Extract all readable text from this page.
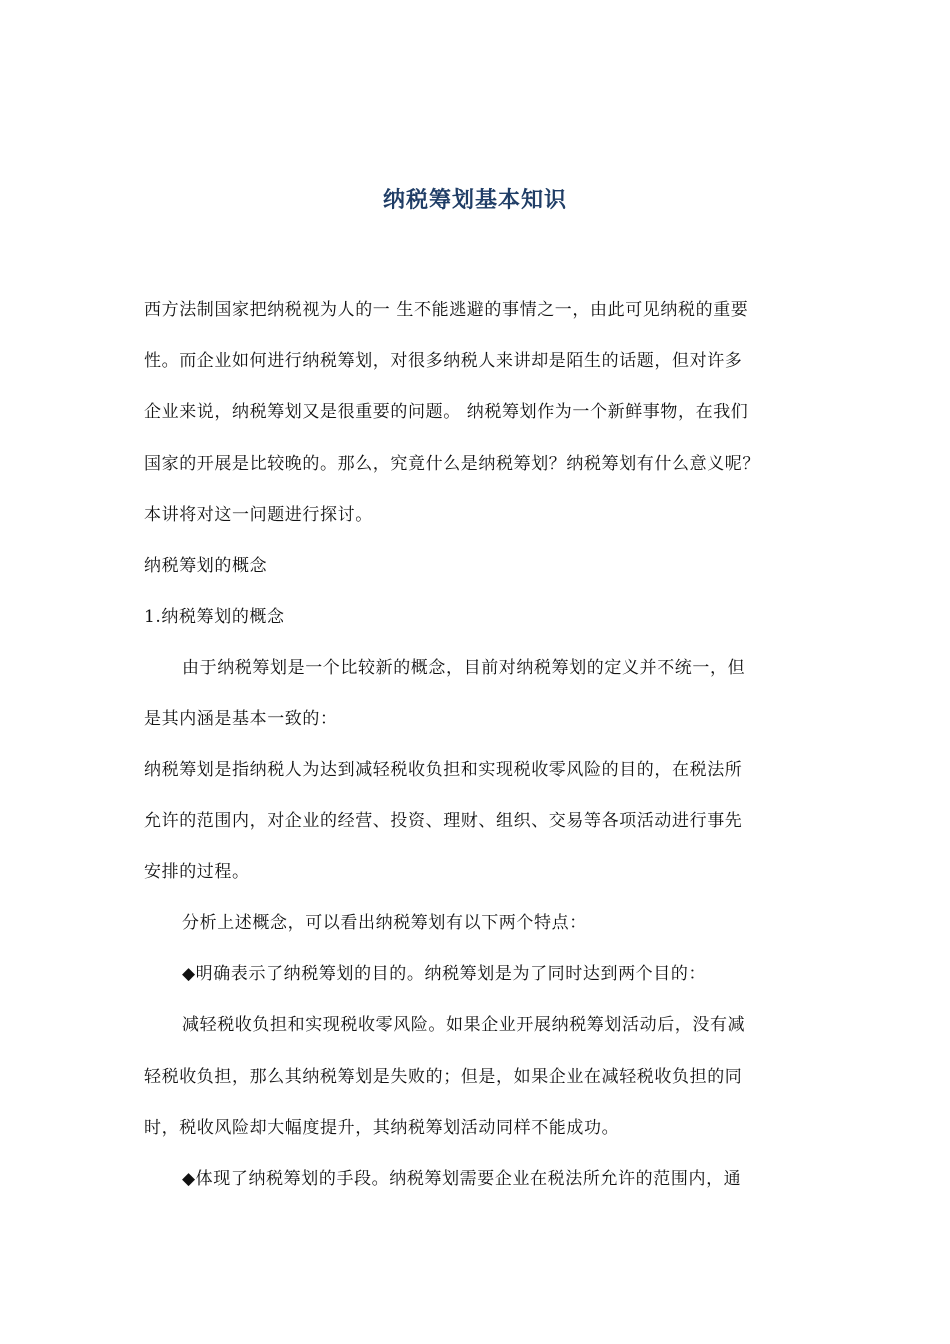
纳税筹划基本知识
西方法制国家把纳税视为人的一 生不能逃避的事情之一，由此可见纳税的重要
性。而企业如何进行纳税筹划，对很多纳税人来讲却是陌生的话题，但对许多
企业来说，纳税筹划又是很重要的问题。 纳税筹划作为一个新鲜事物，在我们
国家的开展是比较晚的。那么，究竟什么是纳税筹划？纳税筹划有什么意义呢？
本讲将对这一问题进行探讨。
纳税筹划的概念
1.纳税筹划的概念
由于纳税筹划是一个比较新的概念，目前对纳税筹划的定义并不统一，但
是其内涵是基本一致的：
纳税筹划是指纳税人为达到减轻税收负担和实现税收零风险的目的，在税法所
允许的范围内，对企业的经营、投资、理财、组织、交易等各项活动进行事先
安排的过程。
分析上述概念，可以看出纳税筹划有以下两个特点：
◆明确表示了纳税筹划的目的。纳税筹划是为了同时达到两个目的：
减轻税收负担和实现税收零风险。如果企业开展纳税筹划活动后，没有减
轻税收负担，那么其纳税筹划是失败的；但是，如果企业在减轻税收负担的同
时，税收风险却大幅度提升，其纳税筹划活动同样不能成功。
◆体现了纳税筹划的手段。纳税筹划需要企业在税法所允许的范围内，通
